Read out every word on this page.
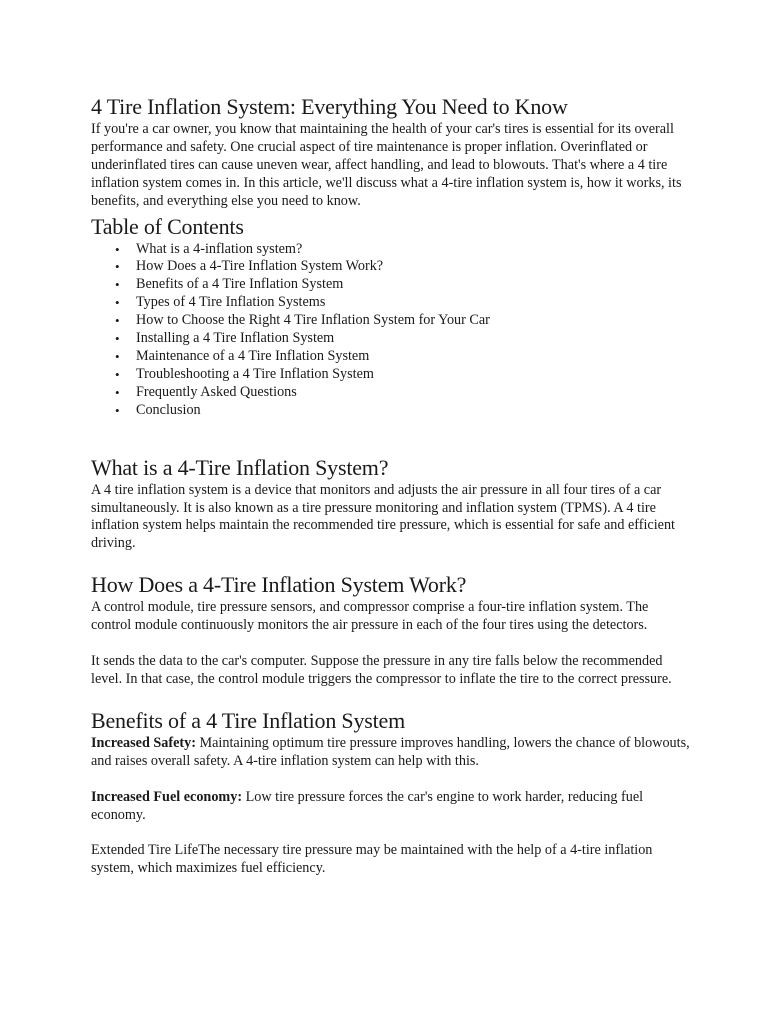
4 Tire Inflation System: Everything You Need to Know

If you're a car owner, you know that maintaining the health of your car's tires is essential for its overall performance and safety. One crucial aspect of tire maintenance is proper inflation. Overinflated or underinflated tires can cause uneven wear, affect handling, and lead to blowouts. That's where a 4 tire inflation system comes in. In this article, we'll discuss what a 4-tire inflation system is, how it works, its benefits, and everything else you need to know.

Table of Contents
• What is a 4-inflation system?
• How Does a 4-Tire Inflation System Work?
• Benefits of a 4 Tire Inflation System
• Types of 4 Tire Inflation Systems
• How to Choose the Right 4 Tire Inflation System for Your Car
• Installing a 4 Tire Inflation System
• Maintenance of a 4 Tire Inflation System
• Troubleshooting a 4 Tire Inflation System
• Frequently Asked Questions
• Conclusion
What is a 4-Tire Inflation System?

A 4 tire inflation system is a device that monitors and adjusts the air pressure in all four tires of a car simultaneously. It is also known as a tire pressure monitoring and inflation system (TPMS). A 4 tire inflation system helps maintain the recommended tire pressure, which is essential for safe and efficient driving.

How Does a 4-Tire Inflation System Work?

A control module, tire pressure sensors, and compressor comprise a four-tire inflation system. The control module continuously monitors the air pressure in each of the four tires using the detectors.

It sends the data to the car's computer. Suppose the pressure in any tire falls below the recommended level. In that case, the control module triggers the compressor to inflate the tire to the correct pressure.

Benefits of a 4 Tire Inflation System

Increased Safety: Maintaining optimum tire pressure improves handling, lowers the chance of blowouts, and raises overall safety. A 4-tire inflation system can help with this.

Increased Fuel economy: Low tire pressure forces the car's engine to work harder, reducing fuel economy.

Extended Tire LifeThe necessary tire pressure may be maintained with the help of a 4-tire inflation system, which maximizes fuel efficiency.
